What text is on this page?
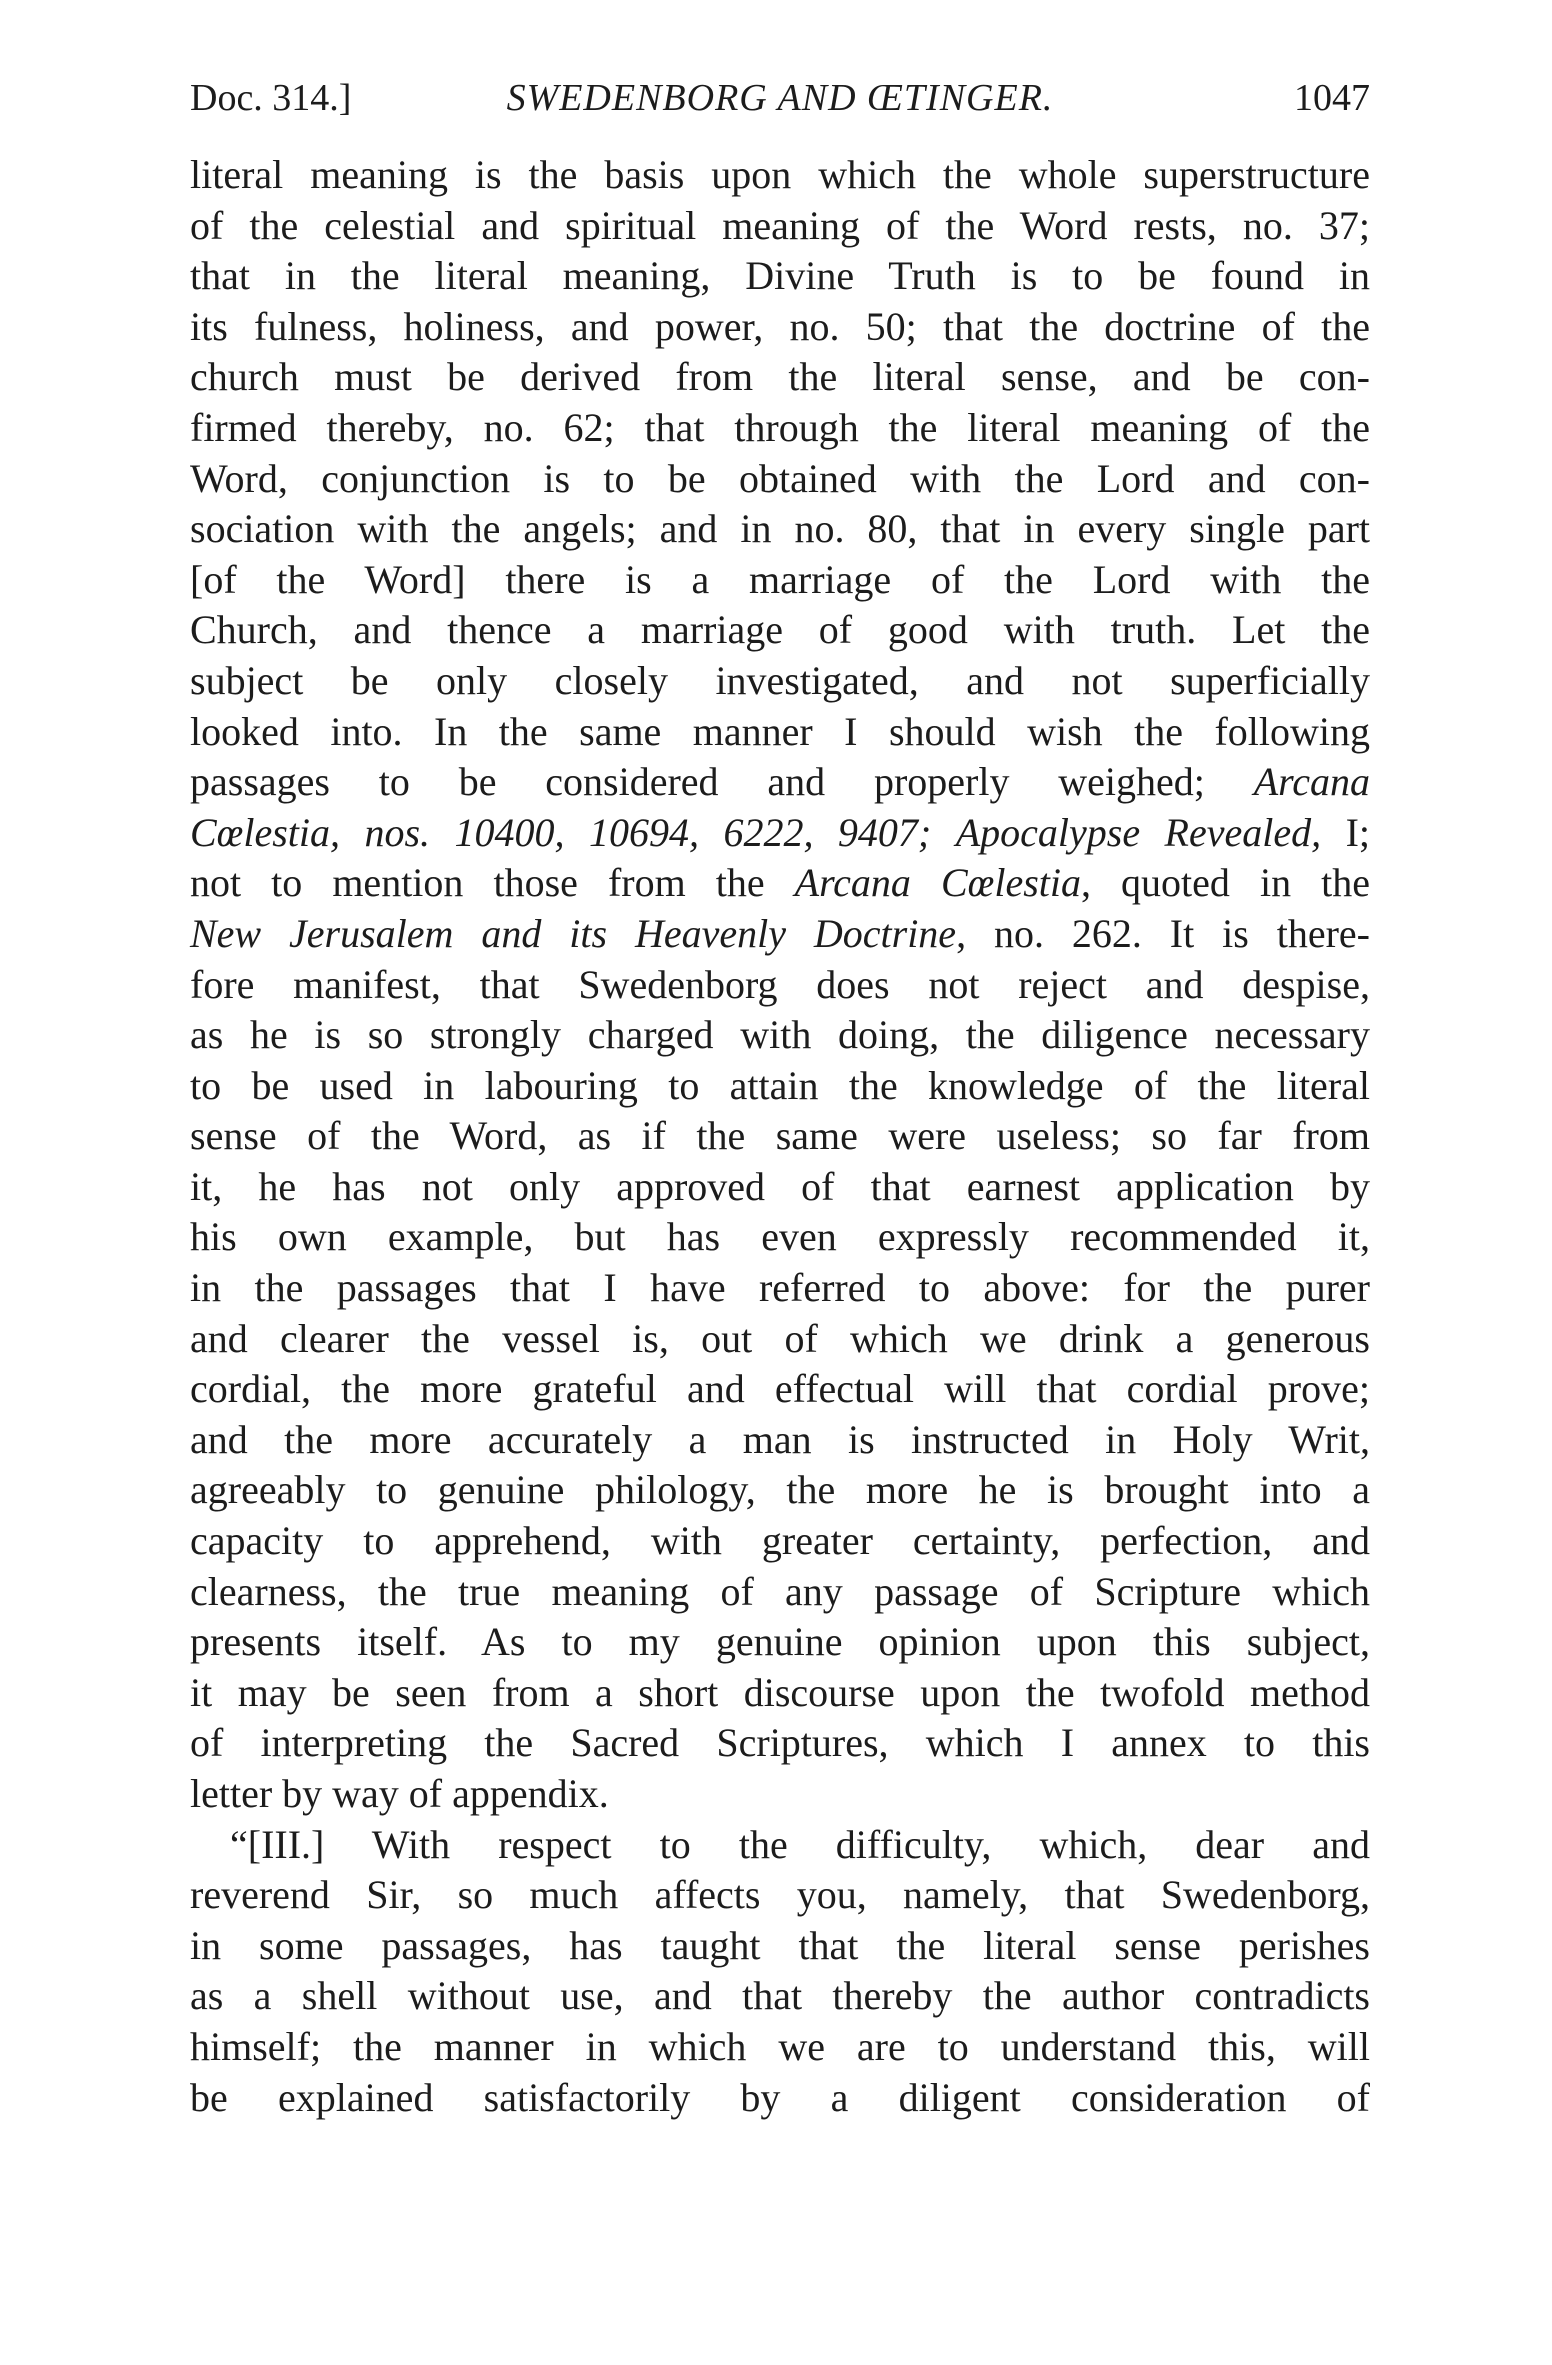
Doc. 314.]	SWEDENBORG AND ŒTINGER.	1047
literal meaning is the basis upon which the whole superstructure
of the celestial and spiritual meaning of the Word rests, no. 37;
that in the literal meaning, Divine Truth is to be found in
its fulness, holiness, and power, no. 50; that the doctrine of the
church must be derived from the literal sense, and be con-
firmed thereby, no. 62; that through the literal meaning of the
Word, conjunction is to be obtained with the Lord and con-
sociation with the angels; and in no. 80, that in every single part
[of the Word] there is a marriage of the Lord with the
Church, and thence a marriage of good with truth. Let the
subject be only closely investigated, and not superficially
looked into. In the same manner I should wish the following
passages to be considered and properly weighed; Arcana
Cœlestia, nos. 10400, 10694, 6222, 9407; Apocalypse Revealed, I;
not to mention those from the Arcana Cœlestia, quoted in the
New Jerusalem and its Heavenly Doctrine, no. 262. It is there-
fore manifest, that Swedenborg does not reject and despise,
as he is so strongly charged with doing, the diligence necessary
to be used in labouring to attain the knowledge of the literal
sense of the Word, as if the same were useless; so far from
it, he has not only approved of that earnest application by
his own example, but has even expressly recommended it,
in the passages that I have referred to above: for the purer
and clearer the vessel is, out of which we drink a generous
cordial, the more grateful and effectual will that cordial prove;
and the more accurately a man is instructed in Holy Writ,
agreeably to genuine philology, the more he is brought into a
capacity to apprehend, with greater certainty, perfection, and
clearness, the true meaning of any passage of Scripture which
presents itself. As to my genuine opinion upon this subject,
it may be seen from a short discourse upon the twofold method
of interpreting the Sacred Scriptures, which I annex to this
letter by way of appendix.
“[III.] With respect to the difficulty, which, dear and
reverend Sir, so much affects you, namely, that Swedenborg,
in some passages, has taught that the literal sense perishes
as a shell without use, and that thereby the author contradicts
himself; the manner in which we are to understand this, will
be explained satisfactorily by a diligent consideration of
